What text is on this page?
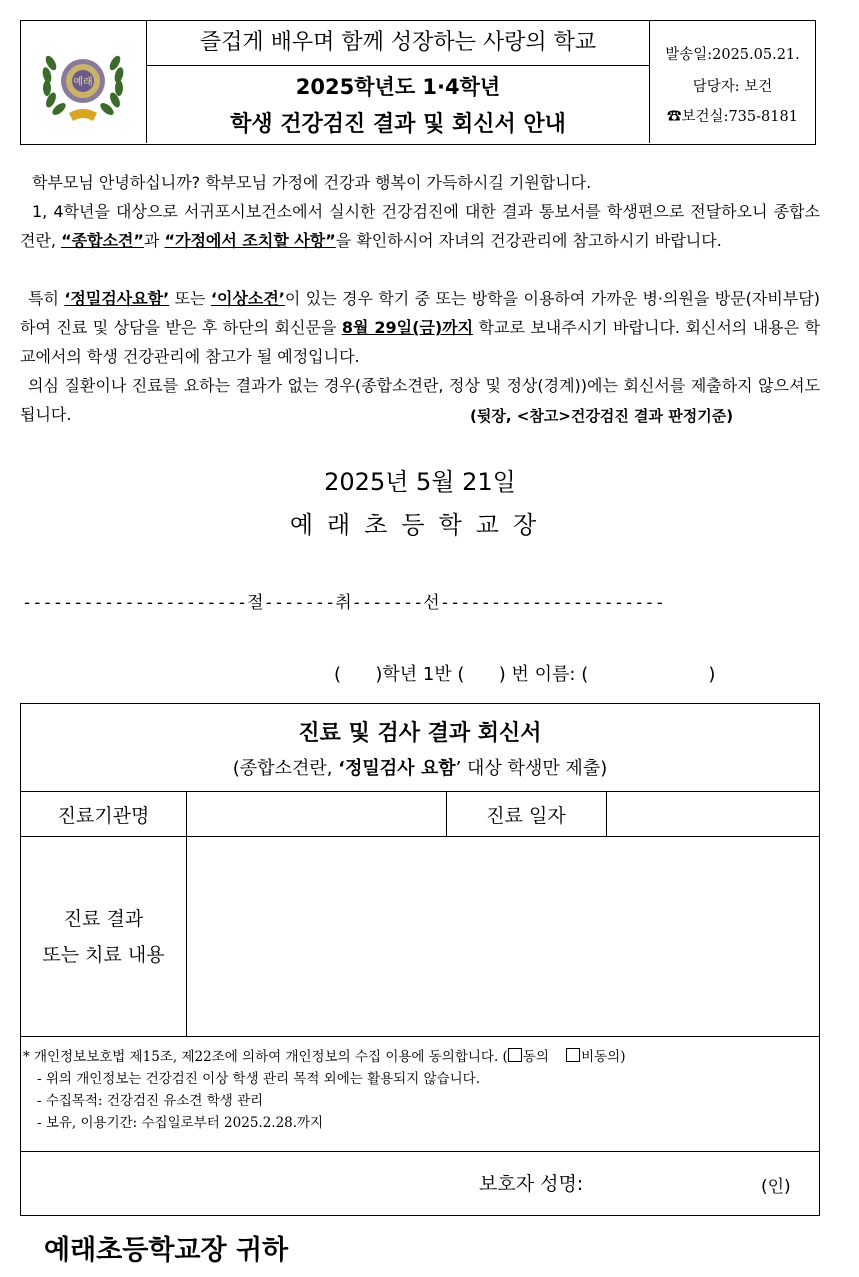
예래
즐겁게 배우며 함께 성장하는 사랑의 학교
2025학년도 1·4학년
학생 건강검진 결과 및 회신서 안내
발송일:2025.05.21.
담당자: 보건
☎보건실:735-8181
학부모님 안녕하십니까? 학부모님 가정에 건강과 행복이 가득하시길 기원합니다.
1, 4학년을 대상으로 서귀포시보건소에서 실시한 건강검진에 대한 결과 통보서를 학생편으로 전달하오니 종합소견란, “종합소견”과 “가정에서 조치할 사항”을 확인하시어 자녀의 건강관리에 참고하시기 바랍니다.
특히 ‘정밀검사요함’ 또는 ‘이상소견’이 있는 경우 학기 중 또는 방학을 이용하여 가까운 병·의원을 방문(자비부담)하여 진료 및 상담을 받은 후 하단의 회신문을 8월 29일(금)까지 학교로 보내주시기 바랍니다. 회신서의 내용은 학교에서의 학생 건강관리에 참고가 될 예정입니다.
의심 질환이나 진료를 요하는 결과가 없는 경우(종합소견란, 정상 및 정상(경계))에는 회신서를 제출하지 않으셔도 됩니다.	(뒷장, <참고>건강검진 결과 판정기준)
2025년 5월 21일
예래초등학교장
----------------------절-------취-------선----------------------
(      )학년 1반 (      ) 번 이름: (                     )
진료 및 검사 결과 회신서
(종합소견란, ‘정밀검사 요함’ 대상 학생만 제출)
진료기관명	진료 일자
진료 결과
또는 치료 내용
* 개인정보보호법 제15조, 제22조에 의하여 개인정보의 수집 이용에 동의합니다. ( 동의 비동의)
- 위의 개인정보는 건강검진 이상 학생 관리 목적 외에는 활용되지 않습니다.
- 수집목적: 건강검진 유소견 학생 관리
- 보유, 이용기간: 수집일로부터 2025.2.28.까지
보호자 성명:	(인)
예래초등학교장 귀하
